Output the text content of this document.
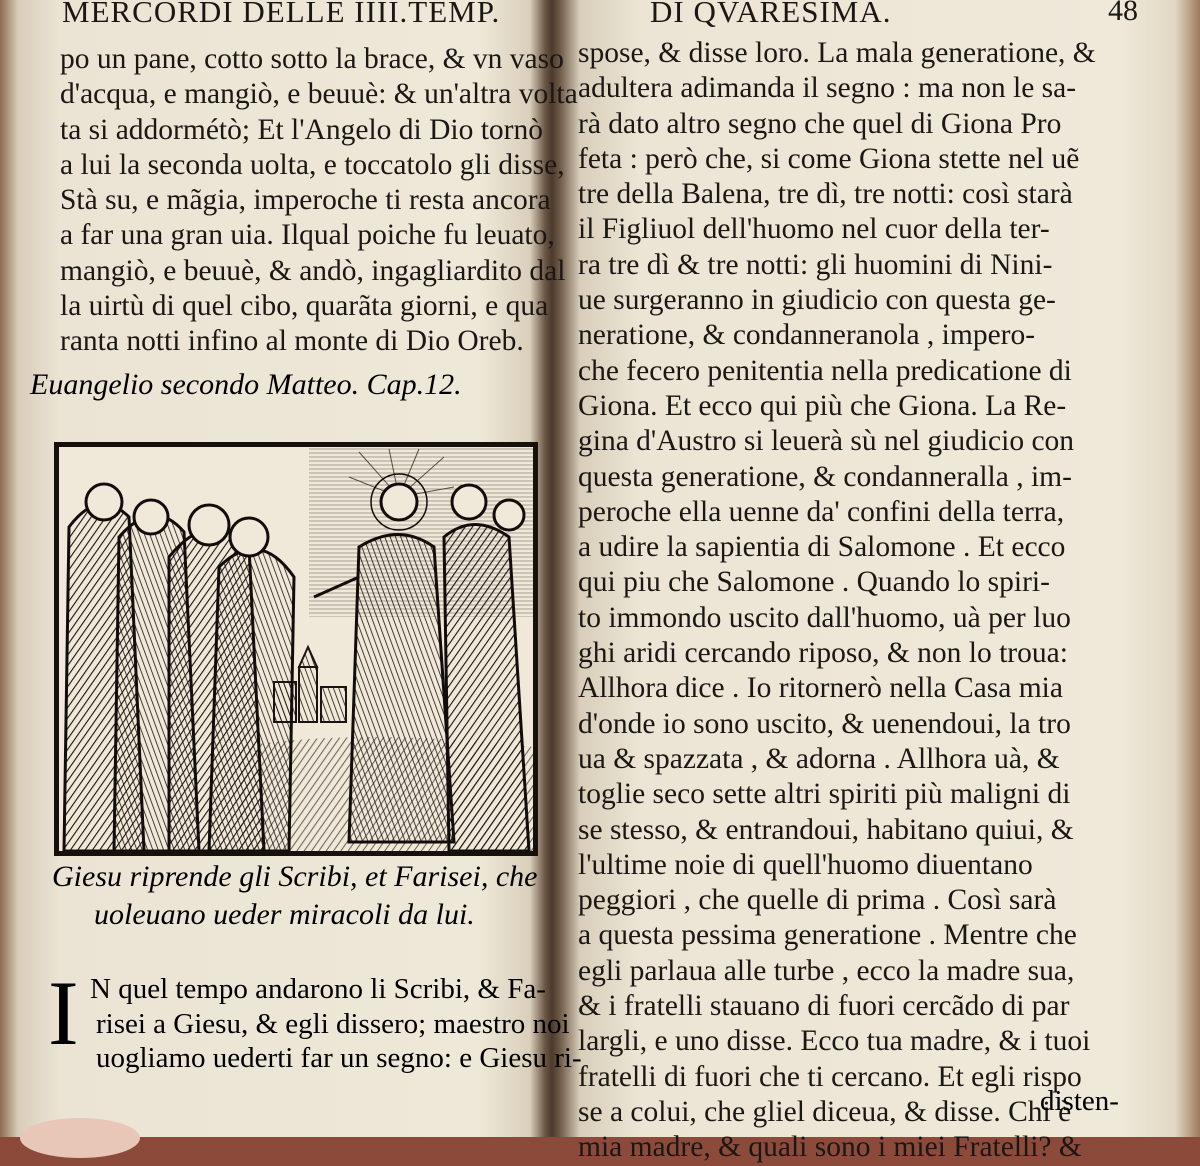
MERCORDI DELLE IIII.TEMP.
po un pane, cotto sotto la brace, & vn vaso
d'acqua, e mangiò, e beuuè: & un'altra volta
ta si addormétò; Et l'Angelo di Dio tornò
a lui la seconda uolta, e toccatolo gli disse,
Stà su, e mãgia, imperoche ti resta ancora
a far una gran uia. Ilqual poiche fu leuato,
mangiò, e beuuè, & andò, ingagliardito dal
la uirtù di quel cibo, quarãta giorni, e qua
ranta notti infino al monte di Dio Oreb.
Euangelio secondo Matteo. Cap.12.
Giesu riprende gli Scribi, et Farisei, che
uoleuano ueder miracoli da lui.
I N quel tempo andarono li Scribi, & Fa-
risei a Giesu, & egli dissero; maestro noi
uogliamo uederti far un segno: e Giesu ri-
DI QVARESIMA.	48
spose, & disse loro. La mala generatione, &
adultera adimanda il segno : ma non le sa-
rà dato altro segno che quel di Giona Pro
feta : però che, si come Giona stette nel uẽ
tre della Balena, tre dì, tre notti: così starà
il Figliuol dell'huomo nel cuor della ter-
ra tre dì & tre notti: gli huomini di Nini-
ue surgeranno in giudicio con questa ge-
neratione, & condanneranola , impero-
che fecero penitentia nella predicatione di
Giona. Et ecco qui più che Giona. La Re-
gina d'Austro si leuerà sù nel giudicio con
questa generatione, & condanneralla , im-
peroche ella uenne da' confini della terra,
a udire la sapientia di Salomone . Et ecco
qui piu che Salomone . Quando lo spiri-
to immondo uscito dall'huomo, uà per luo
ghi aridi cercando riposo, & non lo troua:
Allhora dice . Io ritornerò nella Casa mia
d'onde io sono uscito, & uenendoui, la tro
ua & spazzata , & adorna . Allhora uà, &
toglie seco sette altri spiriti più maligni di
se stesso, & entrandoui, habitano quiui, &
l'ultime noie di quell'huomo diuentano
peggiori , che quelle di prima . Così sarà
a questa pessima generatione . Mentre che
egli parlaua alle turbe , ecco la madre sua,
& i fratelli stauano di fuori cercãdo di par
largli, e uno disse. Ecco tua madre, & i tuoi
fratelli di fuori che ti cercano. Et egli rispo
se a colui, che gliel diceua, & disse. Chi è
mia madre, & quali sono i miei Fratelli? &
disten-
